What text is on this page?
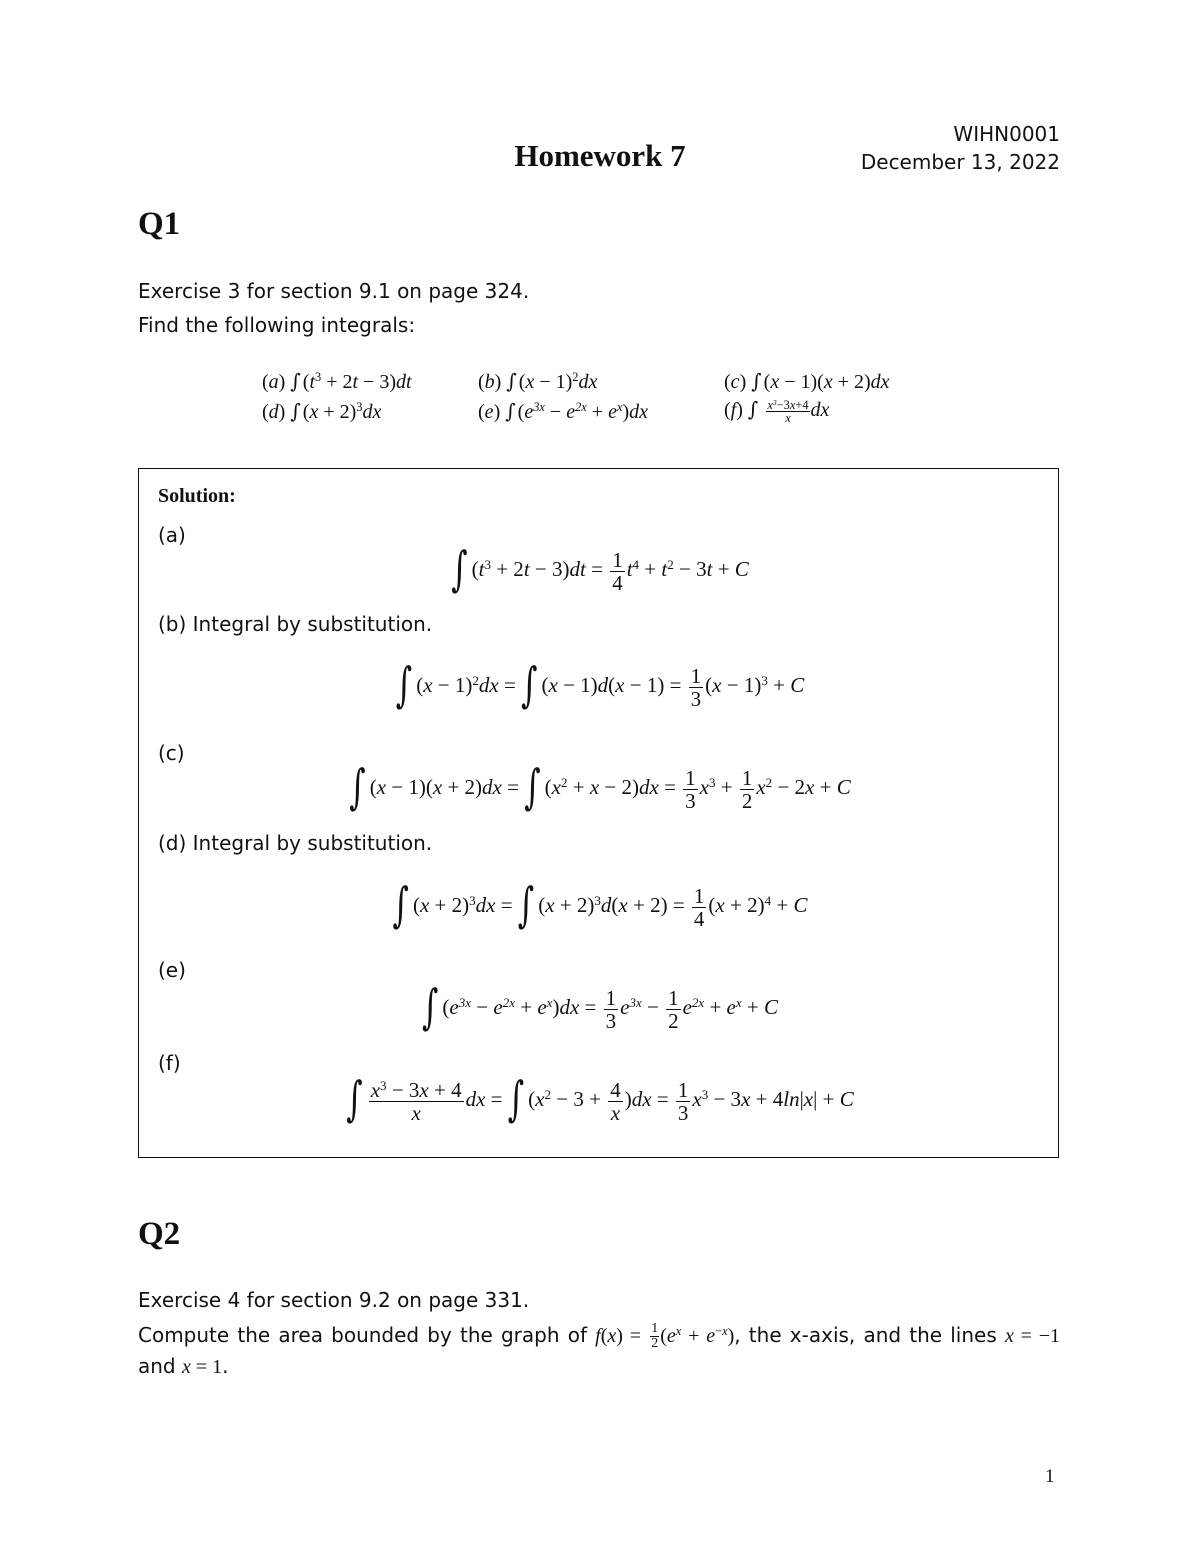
WIHN0001
Homework 7	December 13, 2022
Q1
Exercise 3 for section 9.1 on page 324.
Find the following integrals:
(a) ∫ $(t^3 + 2t - 3)dt$	(b) ∫ $(x - 1)^2dx$	(c) ∫ (x − 1)(x + 2)dx
(d) ∫ $(x + 2)^3dx$	(e) ∫ $(e^{3x} - e^{2x} + e^x)dx$	(f) ∫ $\frac{x^3-3x+4}{x}$ dx
Solution:
(a)
∫ $(t^3 + 2t - 3)dt = \frac{1}{4} t^4 + t^2 - 3t + C$
(b) Integral by substitution.
∫ $(x - 1)^2dx$ = ∫ $(x - 1)d(x - 1) = \frac{1}{3} (x - 1)^3 + C$
(c)
∫ (x − 1)(x + 2)dx = ∫ $(x^2 + x - 2)dx = \frac{1}{3} x^3 + \frac{1}{2} x^2 - 2x + C$
(d) Integral by substitution.
∫ $(x + 2)^3dx$ = ∫ $(x + 2)^3d(x + 2) = \frac{1}{4} (x + 2)^4 + C$
(e)
∫ $(e^{3x} - e^{2x} + e^x)dx = \frac{1}{3} e^{3x} - \frac{1}{2} e^{2x} + e^x + C$
(f)
∫ $\frac{x^3 - 3x + 4}{x}$ dx = ∫ $(x^2 - 3 + \frac{4}{x} )dx = \frac{1}{3} x^3 - 3x + 4\ln|x| + C$
Q2
Exercise 4 for section 9.2 on page 331.
Compute the area bounded by the graph of $f(x) = \frac{1}{2} (e^x + e^{-x})$, the x-axis, and the lines x = −1 and x = 1.
1
